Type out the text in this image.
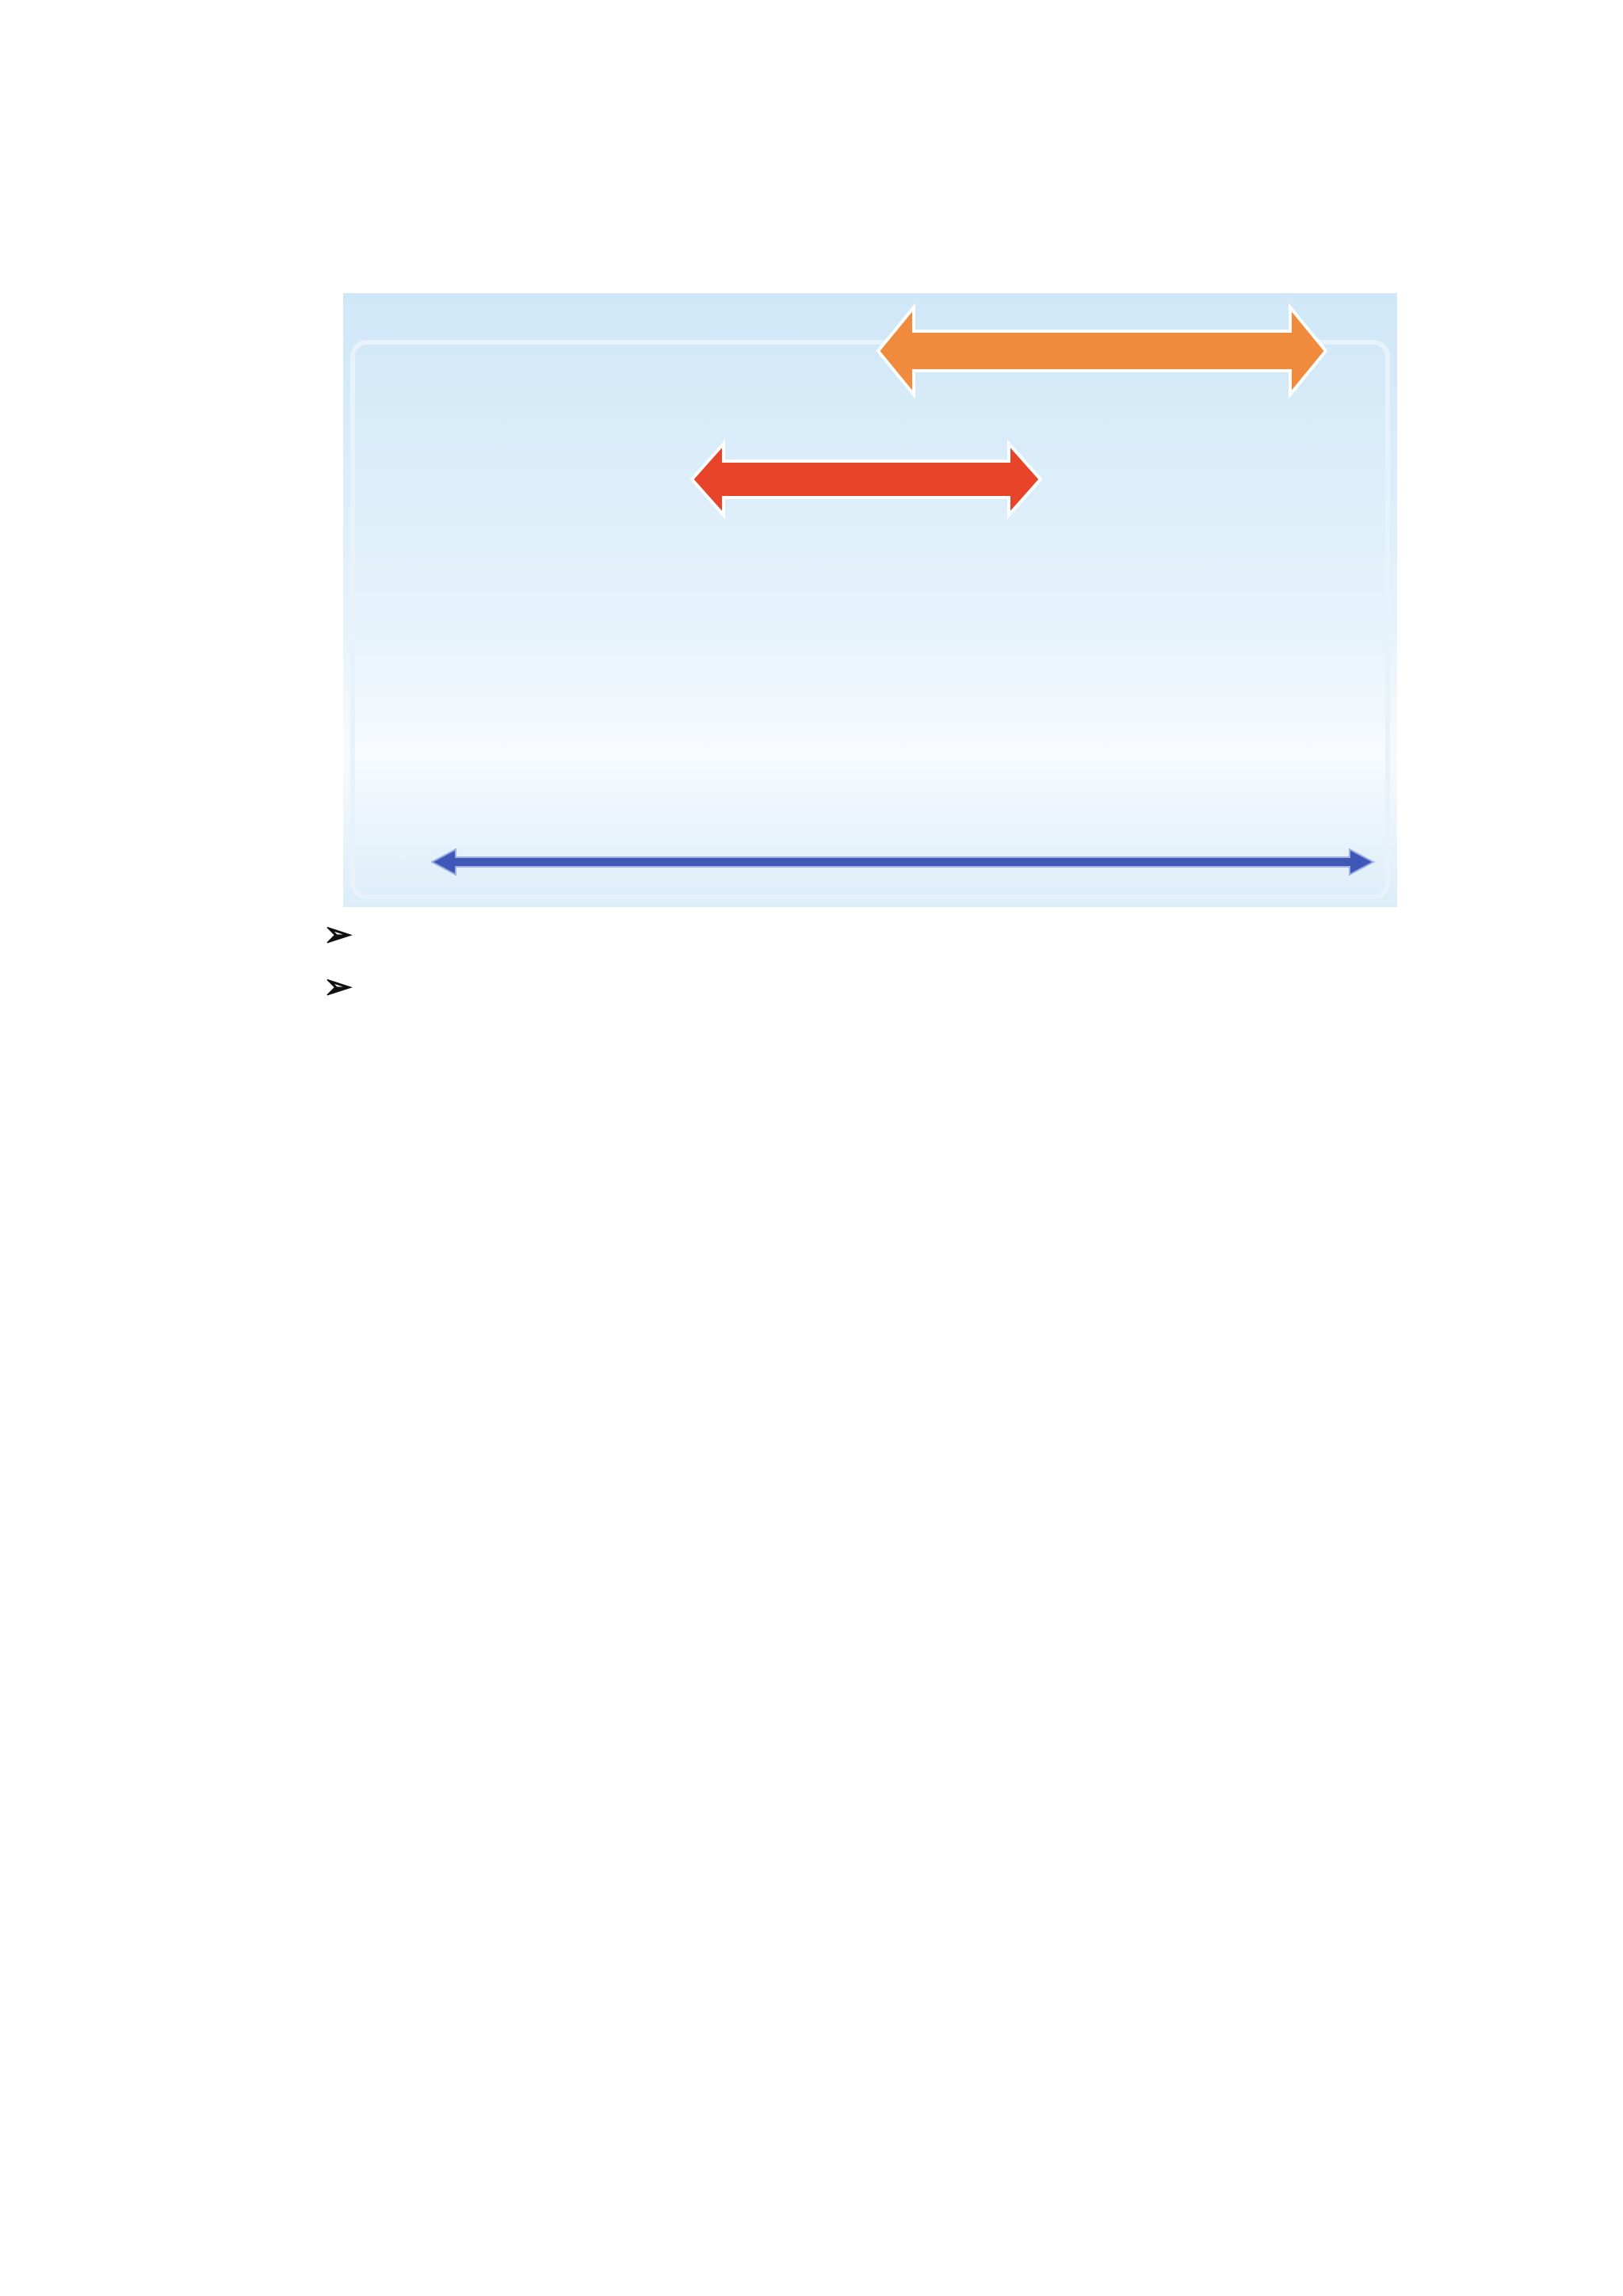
➢

➢
